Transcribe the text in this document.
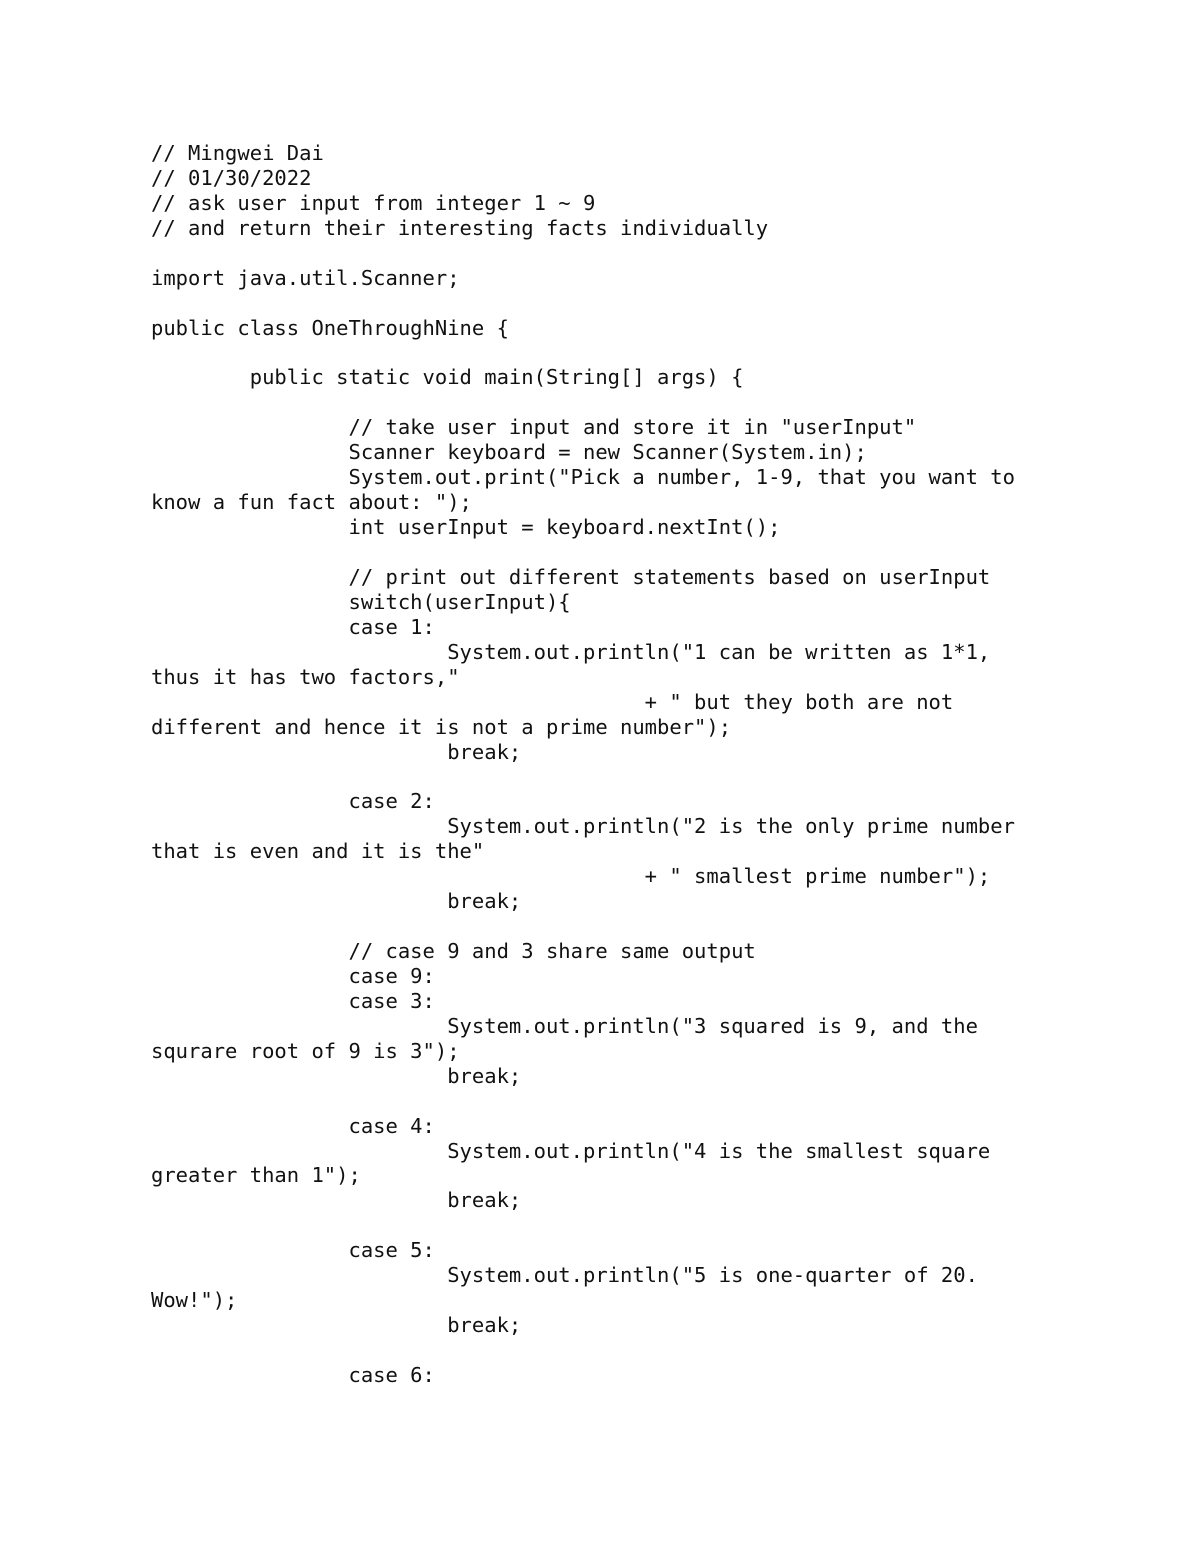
// Mingwei Dai
// 01/30/2022
// ask user input from integer 1 ~ 9
// and return their interesting facts individually
import java.util.Scanner;
public class OneThroughNine {
public static void main(String[] args) {
// take user input and store it in "userInput"
Scanner keyboard = new Scanner(System.in);
System.out.print("Pick a number, 1-9, that you want to
know a fun fact about: ");
int userInput = keyboard.nextInt();
// print out different statements based on userInput
switch(userInput){
case 1:
System.out.println("1 can be written as 1*1,
thus it has two factors,"
+ " but they both are not
different and hence it is not a prime number");
break;
case 2:
System.out.println("2 is the only prime number
that is even and it is the"
+ " smallest prime number");
break;
// case 9 and 3 share same output
case 9:
case 3:
System.out.println("3 squared is 9, and the
squrare root of 9 is 3");
break;
case 4:
System.out.println("4 is the smallest square
greater than 1");
break;
case 5:
System.out.println("5 is one-quarter of 20.
Wow!");
break;
case 6:
